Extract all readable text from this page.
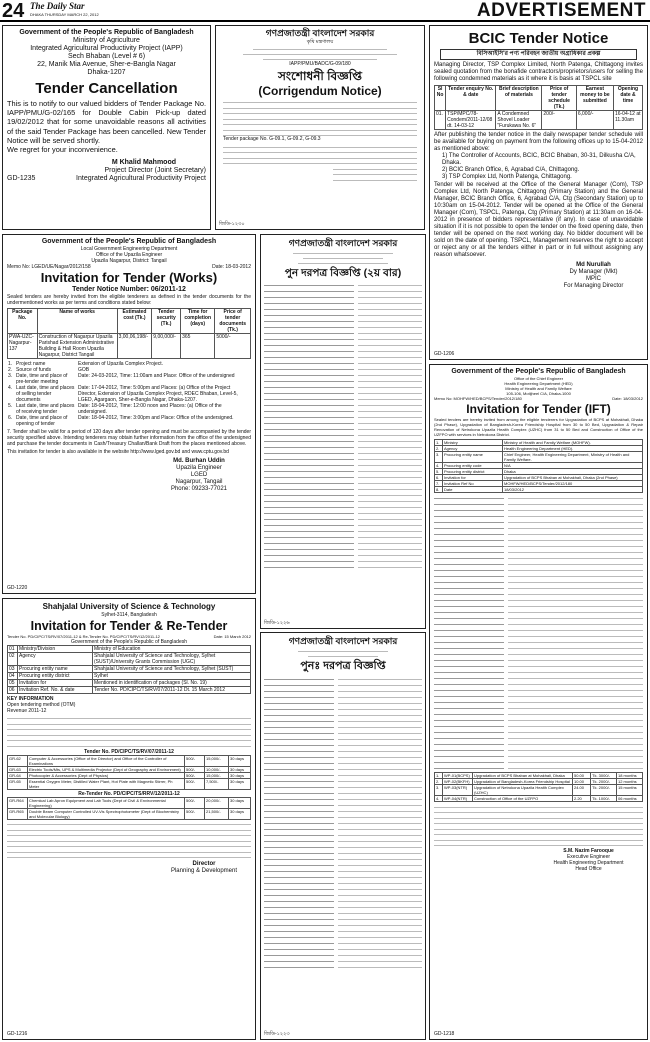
24 The Daily Star
DHAKA THURSDAY MARCH 22, 2012	ADVERTISEMENT
Government of the People's Republic of Bangladesh
Ministry of Agriculture
Integrated Agricultural Productivity Project (IAPP)
Sech Bhaban (Level # 6)
22, Manik Mia Avenue, Sher-e-Bangla Nagar
Dhaka-1207
Tender Cancellation
This is to notify to our valued bidders of Tender Package No. IAPP/PMU/G-02/165 for Double Cabin Pick-up dated 19/02/2012 that for some unavoidable reasons all activities of the said Tender Package has been cancelled. New Tender Notice will be served shortly.
We regret for your inconvenience.
M Khalid Mahmood
Project Director (Joint Secretary)
GD-1235	Integrated Agricultural Productivity Project
গণপ্রজাতন্ত্রী বাংলাদেশ সরকার
কৃষি মন্ত্রণালয়
IAPP/PMU/BADC/G-09/180
সংশোধনী বিজ্ঞপ্তি
(Corrigendum Notice)
Tender package No. G-09.1, G-09.2, G-09.3
জিডি-১২৩০
BCIC Tender Notice
বিসিআইসি'র পণ্য পরিবহন জাতীয় অগ্রাধিকার প্রকল্প
Managing Director, TSP Complex Limited, North Patenga, Chittagong invites sealed quotation from the bonafide contractors/proprietors/users for selling the following condemned materials as it where it is basis at TSPCL site
Sl No	Tender enquiry No. & date	Brief description of materials	Price of tender schedule (Tk.)	Earnest money to be submitted	Opening date & time
01.	TSP/MPC/78-Condem/2011-12/08 dt. 14-03-12	A Condemned Shovel Loader "Furukawa No. 6"	200/-	6,000/-	16-04-12 at 11.30am
After publishing the tender notice in the daily newspaper tender schedule will be available for buying on payment from the following offices up to 15-04-2012 as mentioned above:
1) The Controller of Accounts, BCIC, BCIC Bhaban, 30-31, Dilkusha C/A, Dhaka.
2) BCIC Branch Office, 6, Agrabad C/A, Chittagong.
3) TSP Complex Ltd, North Patenga, Chittagong.
Tender will be received at the Office of the General Manager (Com), TSP Complex Ltd, North Patenga, Chittagong (Primary Station) and the General Manager, BCIC Branch Office, 6, Agrabad C/A, Ctg (Secondary Station) up to 10:30am on 15-04-2012. Tender will be opened at the Office of the General Manager (Com), TSPCL, Patenga, Ctg (Primary Station) at 11:30am on 16-04-2012 in presence of bidders representative (if any). In case of unavoidable situation if it is not possible to open the tender on the fixed opening date, then tender will be opened on the next working day. No bidder document will be sold on the date of opening. TSPCL, Management reserves the right to accept or reject any or all the tenders either in part or in full without assigning any reason whatsoever.
Md Nurullah
Dy Manager (Mkt)
MPIC
For Managing Director
GD-1206
Government of the People's Republic of Bangladesh
Local Government Engineering Department
Office of the Upazila Engineer
Upazila Nagarpur, District: Tangail
Memo No: LGED/UE/Nagar/2012/158	Date: 18-03-2012
Invitation for Tender (Works)
Tender Notice Number: 06/2011-12
Sealed tenders are hereby invited from the eligible tenderers as defined in the tender documents for the undermentioned works as per terms and conditions stated below:
Package No.	Name of works	Estimated cost (Tk.)	Tender security (Tk.)	Time for completion (days)	Price of tender documents (Tk.)
PWA-UZC-Nagarpur-137	Construction of Nagarpur Upazila Parishad Extension Administrative Building & Hall Room Upazila Nagarpur, District Tangail	3,00,06,198/-	9,00,000/-	365	5000/-
1.	Project name	Extension of Upazila Complex Project.
2.	Source of funds	GOB
3.	Date, time and place of pre-tender meeting	Date: 24-03-2012, Time: 11:00am and Place: Office of the undersigned
4.	Last date, time and places of selling tender documents	Date: 17-04-2012, Time: 5:00pm and Places: (a) Office of the Project Director, Extension of Upazila Complex Project, RDEC Bhaban, Level-5, LGED, Agargaon, Sher-e-Bangla Nagar, Dhaka-1207.
5.	Last date, time and places of receiving tender	Date: 18-04-2012, Time: 12:00 noon and Places: (a) Office of the undersigned.
6.	Date, time and place of opening of tender	Date: 18-04-2012, Time: 3:00pm and Place: Office of the undersigned.
7. Tender shall be valid for a period of 120 days after tender opening and must be accompanied by the tender security specified above. Intending tenderers may obtain further information from the office of the undersigned and purchase the tender documents in Cash/Treasury Challan/Bank Draft from the places mentioned above.
This invitation for tender is also available in the website http://www.lged.gov.bd and www.cptu.gov.bd
Md. Burhan Uddin
Upazila Engineer
LGED
Nagarpur, Tangail
Phone: 09233-77021
GD-1220
গণপ্রজাতন্ত্রী বাংলাদেশ সরকার
পুন দরপত্র বিজ্ঞপ্তি (২য় বার)
জিডি-১২২৬
গণপ্রজাতন্ত্রী বাংলাদেশ সরকার
পুনঃ দরপত্র বিজ্ঞপ্তি
জিডি-১২২৩
Shahjalal University of Science & Technology
Sylhet-3114, Bangladesh
Invitation for Tender & Re-Tender
Tender No. PD/CIPC/TS/RV/07/2011-12 & Re-Tender No. PD/CIPC/TS/RV/12/2011-12	Date: 15 March 2012
Government of the People's Republic of Bangladesh
01	Ministry/Division	Ministry of Education
02	Agency	Shahjalal University of Science and Technology, Sylhet (SUST)/University Grants Commission (UGC)
03	Procuring entity name	Shahjalal University of Science and Technology, Sylhet (SUST)
04	Procuring entity district	Sylhet
05	Invitation for	Mentioned in identification of packages (Sl. No. 19)
06	Invitation Ref. No. & date	Tender No. PD/CIPC/TS/RV/07/2011-12 Dt. 15 March 2012
KEY INFORMATION
Open tendering method (OTM)
Revenue 2011-12
Tender No. PD/CIPC/TS/RV/07/2011-12
GR-62	Computer & Accessories (Office of the Director) and Office of the Controller of Examinations	500/-	15,000/-	30 days
GR-63	Electric Tools/Mts, UPS & Multimedia Projector (Dept of Geography and Environment)	500/-	10,000/-	30 days
GR-64	Photocopier & Accessories (Dept of Physics)	500/-	15,000/-	30 days
GR-65	Essential Oxygen Meter, Distilled Water Plant, Hot Plate with Magnetic Stirrer, Ph Meter	500/-	7,500/-	30 days
Re-Tender No. PD/CIPC/TS/RRV/12/2011-12
GR-R64	Chemical Lab Apron Equipment and Lab Tools (Dept of Civil & Environmental Engineering)	500/-	20,000/-	30 days
GR-R65	Double Beam Computer Controlled UV-Vis Spectrophotometer (Dept of Biochemistry and Molecular Biology)	500/-	21,500/-	30 days
Director
Planning & Development
GD-1216
Government of the People's Republic of Bangladesh
Office of the Chief Engineer
Health Engineering Department (HED)
Ministry of Health and Family Welfare
105-106, Motijheel C/A, Dhaka-1000
Memo No: MOHFW/HED/BCPS/Tender/2012/180	Date: 18/03/2012
Invitation for Tender (IFT)
Sealed tenders are hereby invited from among the eligible tenderers for Upgradation of BCPS at Mohakhali, Dhaka (2nd Phase), Upgradation of Bangladesh-Korea Friendship Hospital from 30 to 50 Bed, Upgradation & Repair Renovation of Netrokona Upazila Health Complex (UZHC) from 31 to 50 Bed and Construction of Office of the UZFPO with services in Netrokona District.
1.	Ministry	Ministry of Health and Family Welfare (MOHFW).
2.	Agency	Health Engineering Department (HED).
3.	Procuring entity name	Chief Engineer, Health Engineering Department, Ministry of Health and Family Welfare.
4.	Procuring entity code	N/A
5.	Procuring entity district	Dhaka
6.	Invitation for	Upgradation of BCPS Bhaban at Mohakhali, Dhaka (2nd Phase)
7.	Invitation Ref No	MOHFW/HED/BCPS/Tender/2012/180
8.	Date	18/03/2012
1.	WP-01(BCPS)	Upgradation of BCPS Bhaban at Mohakhali, Dhaka	50.00	Tk. 3000/-	18 months
2.	WP-02(BKFH)	Upgradation of Bangladesh-Korea Friendship Hospital	10.00	Tk. 2000/-	12 months
3.	WP-03(NTR)	Upgradation of Netrokona Upazila Health Complex (UZHC)	24.00	Tk. 2000/-	15 months
4.	WP-04(NTR)	Construction of Office of the UZFPO	2.20	Tk. 1000/-	06 months
S.M. Nazim Farooque
Executive Engineer
Health Engineering Department
Head Office
GD-1218
